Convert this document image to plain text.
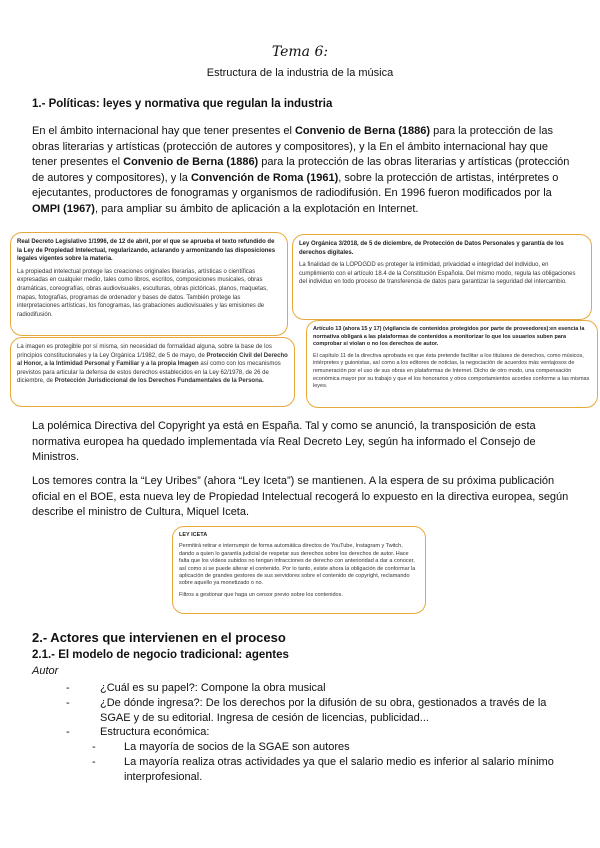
Tema 6:
Estructura de la industria de la música
1.- Políticas: leyes y normativa que regulan la industria
En el ámbito internacional hay que tener presentes el Convenio de Berna (1886) para la protección de las obras literarias y artísticas (protección de autores y compositores), y la En el ámbito internacional hay que tener presentes el Convenio de Berna (1886) para la protección de las obras literarias y artísticas (protección de autores y compositores), y la Convención de Roma (1961), sobre la protección de artistas, intérpretes o ejecutantes, productores de fonogramas y organismos de radiodifusión. En 1996 fueron modificados por la OMPI (1967), para ampliar su ámbito de aplicación a la explotación en Internet.

Real Decreto Legislativo 1/1996, de 12 de abril, por el que se aprueba el texto refundido de la Ley de Propiedad Intelectual, regularizando, aclarando y armonizando las disposiciones legales vigentes sobre la materia.

La propiedad intelectual protege las creaciones originales literarias, artísticas o científicas expresadas en cualquier medio, tales como libros, escritos, composiciones musicales, obras dramáticas, coreografías, obras audiovisuales, esculturas, obras pictóricas, planos, maquetas, mapas, fotografías, programas de ordenador y bases de datos. También protege las interpretaciones artísticas, los fonogramas, las grabaciones audiovisuales y las emisiones de radiodifusión.

La imagen es protegible por sí misma, sin necesidad de formalidad alguna, sobre la base de los principios constitucionales y la Ley Orgánica 1/1982, de 5 de mayo, de Protección Civil del Derecho al Honor, a la Intimidad Personal y Familiar y a la propia Imagen así como con los mecanismos previstos para articular la defensa de estos derechos establecidos en la Ley 62/1978, de 26 de diciembre, de Protección Jurisdiccional de los Derechos Fundamentales de la Persona.

Ley Orgánica 3/2018, de 5 de diciembre, de Protección de Datos Personales y garantía de los derechos digitales.

La finalidad de la LOPDGDD es proteger la intimidad, privacidad e integridad del individuo, en cumplimiento con el artículo 18.4 de la Constitución Española. Del mismo modo, regula las obligaciones del individuo en todo proceso de transferencia de datos para garantizar la seguridad del intercambio.

Artículo 13 (ahora 15 y 17) (vigilancia de contenidos protegidos por parte de proveedores):en esencia la normativa obligará a las plataformas de contenidos a monitorizar lo que los usuarios suben para comprobar si violan o no los derechos de autor.

El capítulo 11 de la directiva aprobada es que ésta pretende facilitar a los titulares de derechos, como músicos, intérpretes y guionistas, así como a los editores de noticias, la negociación de acuerdos más ventajosos de remuneración por el uso de sus obras en plataformas de Internet. Dicho de otro modo, una compensación económica mayor por su trabajo y que el los honorarios y otros comportamientos acordes conforme a las mismas leyes.

La polémica Directiva del Copyright ya está en España. Tal y como se anunció, la transposición de esta normativa europea ha quedado implementada vía Real Decreto Ley, según ha informado el Consejo de Ministros.
Los temores contra la “Ley Uribes” (ahora “Ley Iceta”) se mantienen. A la espera de su próxima publicación oficial en el BOE, esta nueva ley de Propiedad Intelectual recogerá lo expuesto en la directiva europea, según describe el ministro de Cultura, Miquel Iceta.

LEY ICETA

Permitirá retirar e interrumpir de forma automática directos de YouTube, Instagram y Twitch, dando a quien lo garantía judicial de respetar sus derechos sobre los derechos de autor. Hace falta que los vídeos subidos no tengan infracciones de derecho con anterioridad a dar a conocer, así como si se puede alterar el contenido. Por lo tanto, existe ahora la obligación de conformar la aplicación de grandes gestores de sus servidores sobre el contenido de copyright, reclamando sobre aquello ya monetizado o no.

Filtros a gestionar que haga un censor previo sobre los contenidos.

2.- Actores que intervienen en el proceso
2.1.- El modelo de negocio tradicional: agentes
Autor
-	¿Cuál es su papel?: Compone la obra musical
-	¿De dónde ingresa?: De los derechos por la difusión de su obra, gestionados a través de la SGAE y de su editorial. Ingresa de cesión de licencias, publicidad...
-	Estructura económica:
-	La mayoría de socios de la SGAE son autores
-	La mayoría realiza otras actividades ya que el salario medio es inferior al salario mínimo interprofesional.
